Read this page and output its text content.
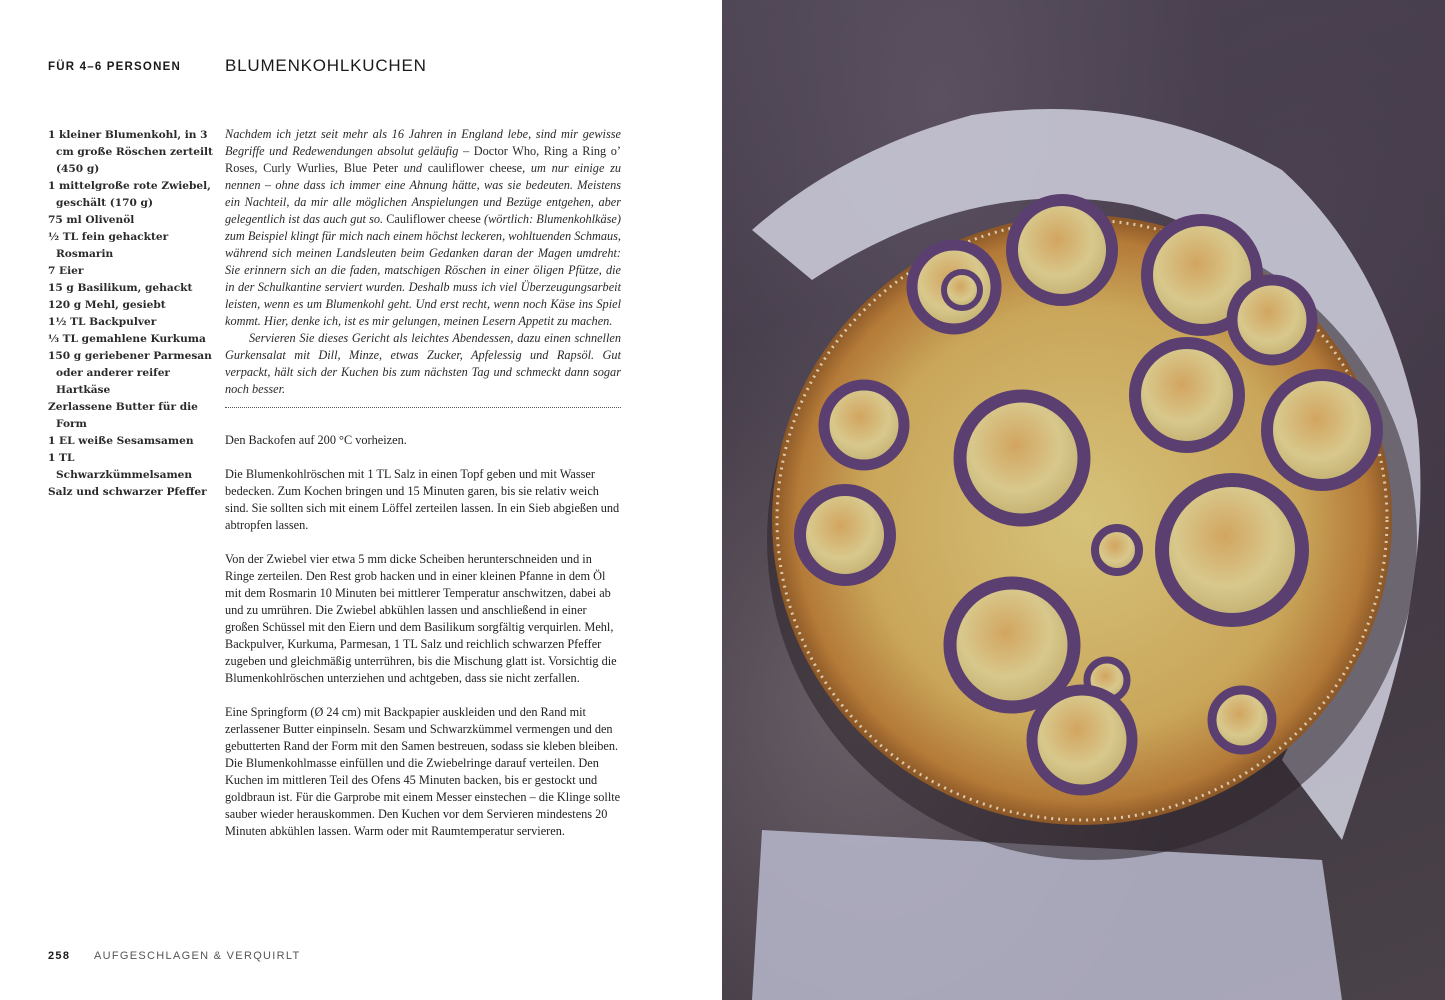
FÜR 4–6 PERSONEN	BLUMENKOHLKUCHEN
1 kleiner Blumenkohl, in 3 cm große Röschen zerteilt (450 g)
1 mittelgroße rote Zwiebel, geschält (170 g)
75 ml Olivenöl
½ TL fein gehackter Rosmarin
7 Eier
15 g Basilikum, gehackt
120 g Mehl, gesiebt
1½ TL Backpulver
⅓ TL gemahlene Kurkuma
150 g geriebener Parmesan oder anderer reifer Hartkäse
Zerlassene Butter für die Form
1 EL weiße Sesamsamen
1 TL Schwarzkümmelsamen
Salz und schwarzer Pfeffer

Nachdem ich jetzt seit mehr als 16 Jahren in England lebe, sind mir gewisse Begriffe und Redewendungen absolut geläufig – Doctor Who, Ring a Ring o’ Roses, Curly Wurlies, Blue Peter und cauliflower cheese, um nur einige zu nennen – ohne dass ich immer eine Ahnung hätte, was sie bedeuten. Meistens ein Nachteil, da mir alle möglichen Anspielungen und Bezüge entgehen, aber gelegentlich ist das auch gut so. Cauliflower cheese (wörtlich: Blumenkohlkäse) zum Beispiel klingt für mich nach einem höchst leckeren, wohltuenden Schmaus, während sich meinen Landsleuten beim Gedanken daran der Magen umdreht: Sie erinnern sich an die faden, matschigen Röschen in einer öligen Pfütze, die in der Schulkantine serviert wurden. Deshalb muss ich viel Überzeugungsarbeit leisten, wenn es um Blumenkohl geht. Und erst recht, wenn noch Käse ins Spiel kommt. Hier, denke ich, ist es mir gelungen, meinen Lesern Appetit zu machen.

Servieren Sie dieses Gericht als leichtes Abendessen, dazu einen schnellen Gurkensalat mit Dill, Minze, etwas Zucker, Apfelessig und Rapsöl. Gut verpackt, hält sich der Kuchen bis zum nächsten Tag und schmeckt dann sogar noch besser.

Den Backofen auf 200 °C vorheizen.

Die Blumenkohlröschen mit 1 TL Salz in einen Topf geben und mit Wasser bedecken. Zum Kochen bringen und 15 Minuten garen, bis sie relativ weich sind. Sie sollten sich mit einem Löffel zerteilen lassen. In ein Sieb abgießen und abtropfen lassen.

Von der Zwiebel vier etwa 5 mm dicke Scheiben herunterschneiden und in Ringe zerteilen. Den Rest grob hacken und in einer kleinen Pfanne in dem Öl mit dem Rosmarin 10 Minuten bei mittlerer Temperatur anschwitzen, dabei ab und zu umrühren. Die Zwiebel abkühlen lassen und anschließend in einer großen Schüssel mit den Eiern und dem Basilikum sorgfältig verquirlen. Mehl, Backpulver, Kurkuma, Parmesan, 1 TL Salz und reichlich schwarzen Pfeffer zugeben und gleichmäßig unterrühren, bis die Mischung glatt ist. Vorsichtig die Blumenkohlröschen unterziehen und achtgeben, dass sie nicht zerfallen.

Eine Springform (Ø 24 cm) mit Backpapier auskleiden und den Rand mit zerlassener Butter einpinseln. Sesam und Schwarzkümmel vermengen und den gebutterten Rand der Form mit den Samen bestreuen, sodass sie kleben bleiben. Die Blumenkohlmasse einfüllen und die Zwiebelringe darauf verteilen. Den Kuchen im mittleren Teil des Ofens 45 Minuten backen, bis er gestockt und goldbraun ist. Für die Garprobe mit einem Messer einstechen – die Klinge sollte sauber wieder herauskommen. Den Kuchen vor dem Servieren mindestens 20 Minuten abkühlen lassen. Warm oder mit Raumtemperatur servieren.

258 AUFGESCHLAGEN & VERQUIRLT
